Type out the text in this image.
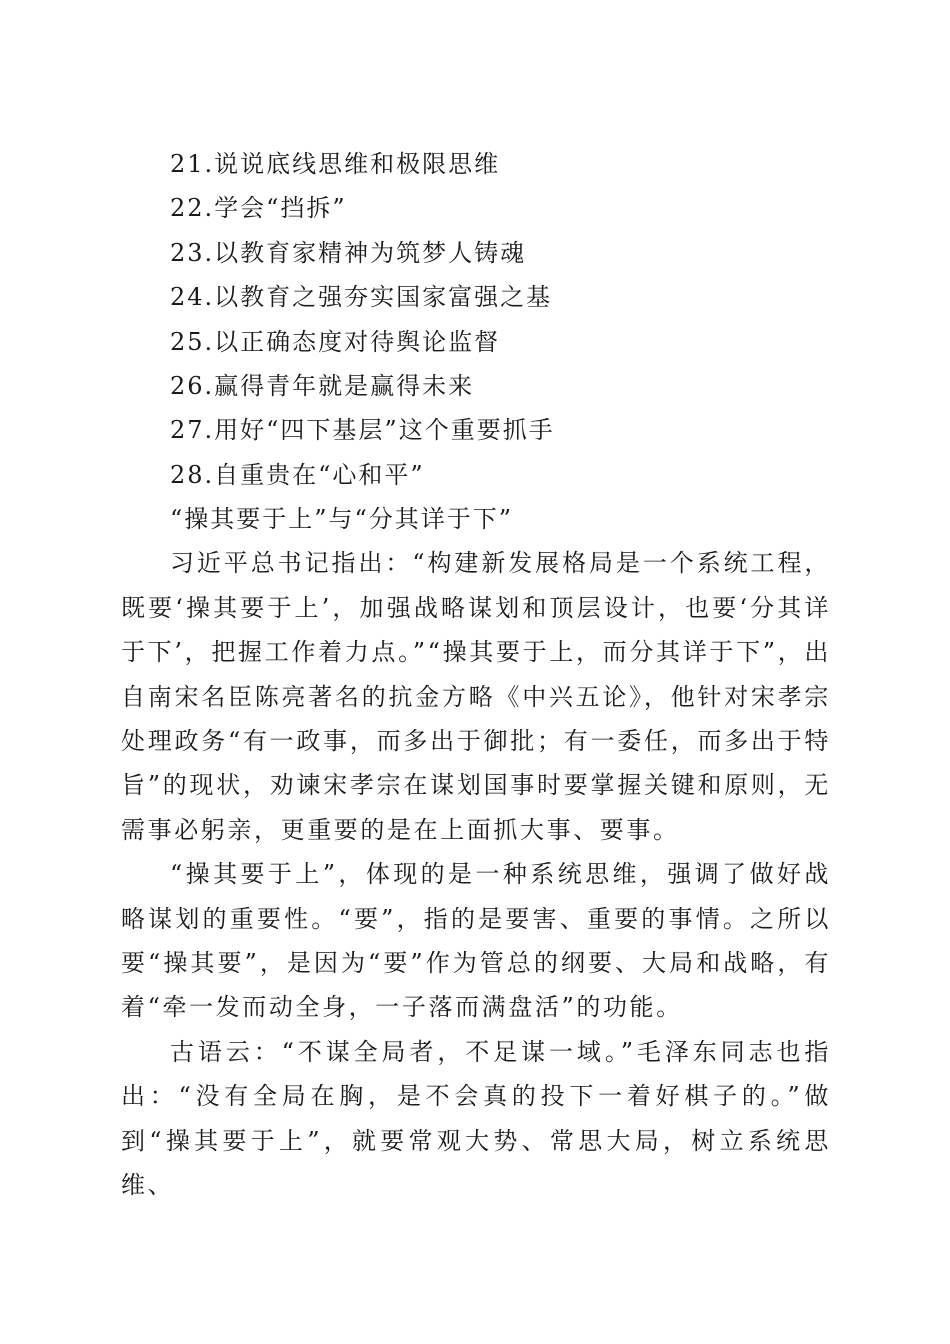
21.说说底线思维和极限思维
22.学会“挡拆”
23.以教育家精神为筑梦人铸魂
24.以教育之强夯实国家富强之基
25.以正确态度对待舆论监督
26.赢得青年就是赢得未来
27.用好“四下基层”这个重要抓手
28.自重贵在“心和平”
“操其要于上”与“分其详于下”

习近平总书记指出：“构建新发展格局是一个系统工程，既要‘操其要于上’，加强战略谋划和顶层设计，也要‘分其详于下’，把握工作着力点。”“操其要于上，而分其详于下”，出自南宋名臣陈亮著名的抗金方略《中兴五论》，他针对宋孝宗处理政务“有一政事，而多出于御批；有一委任，而多出于特旨”的现状，劝谏宋孝宗在谋划国事时要掌握关键和原则，无需事必躬亲，更重要的是在上面抓大事、要事。

“操其要于上”，体现的是一种系统思维，强调了做好战略谋划的重要性。“要”，指的是要害、重要的事情。之所以要“操其要”，是因为“要”作为管总的纲要、大局和战略，有着“牵一发而动全身，一子落而满盘活”的功能。

古语云：“不谋全局者，不足谋一域。”毛泽东同志也指出：“没有全局在胸，是不会真的投下一着好棋子的。”做到“操其要于上”，就要常观大势、常思大局，树立系统思维、
